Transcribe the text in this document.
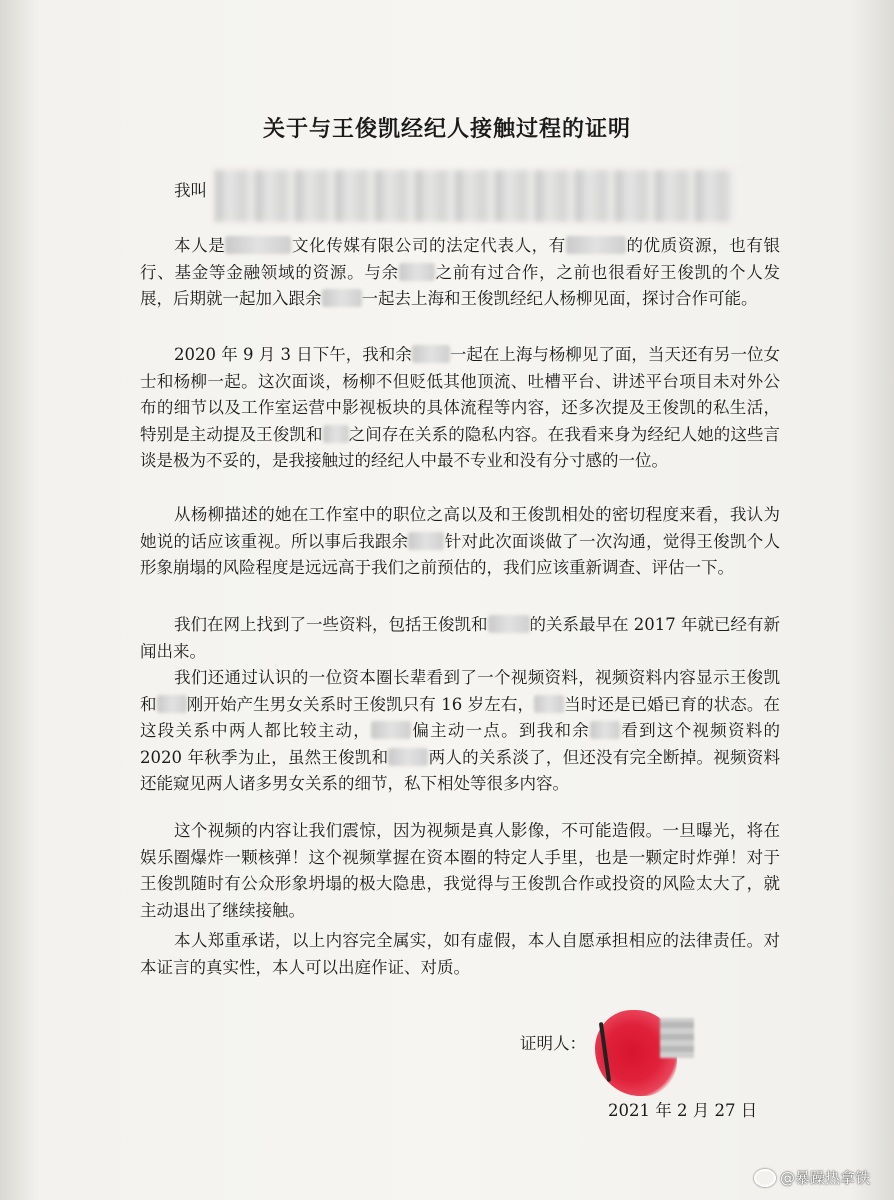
关于与王俊凯经纪人接触过程的证明

我叫

本人是	文化传媒有限公司的法定代表人，有	的优质资源，也有银行、基金等金融领域的资源。与余 之前有过合作，之前也很看好王俊凯的个人发展，后期就一起加入跟余 一起去上海和王俊凯经纪人杨柳见面，探讨合作可能。

2020 年 9 月 3 日下午，我和余 一起在上海与杨柳见了面，当天还有另一位女士和杨柳一起。这次面谈，杨柳不但贬低其他顶流、吐槽平台、讲述平台项目未对外公布的细节以及工作室运营中影视板块的具体流程等内容，还多次提及王俊凯的私生活，特别是主动提及王俊凯和 之间存在关系的隐私内容。在我看来身为经纪人她的这些言谈是极为不妥的，是我接触过的经纪人中最不专业和没有分寸感的一位。

从杨柳描述的她在工作室中的职位之高以及和王俊凯相处的密切程度来看，我认为她说的话应该重视。所以事后我跟余 针对此次面谈做了一次沟通，觉得王俊凯个人形象崩塌的风险程度是远远高于我们之前预估的，我们应该重新调查、评估一下。

我们在网上找到了一些资料，包括王俊凯和	的关系最早在 2017 年就已经有新闻出来。

我们还通过认识的一位资本圈长辈看到了一个视频资料，视频资料内容显示王俊凯和 刚开始产生男女关系时王俊凯只有 16 岁左右， 当时还是已婚已育的状态。在这段关系中两人都比较主动， 偏主动一点。到我和余 看到这个视频资料的 2020 年秋季为止，虽然王俊凯和 两人的关系淡了，但还没有完全断掉。视频资料还能窥见两人诸多男女关系的细节，私下相处等很多内容。

这个视频的内容让我们震惊，因为视频是真人影像，不可能造假。一旦曝光，将在娱乐圈爆炸一颗核弹！这个视频掌握在资本圈的特定人手里，也是一颗定时炸弹！对于王俊凯随时有公众形象坍塌的极大隐患，我觉得与王俊凯合作或投资的风险太大了，就主动退出了继续接触。

本人郑重承诺，以上内容完全属实，如有虚假，本人自愿承担相应的法律责任。对本证言的真实性，本人可以出庭作证、对质。

证明人：
2021 年 2 月 27 日
@暴躁热拿铁
